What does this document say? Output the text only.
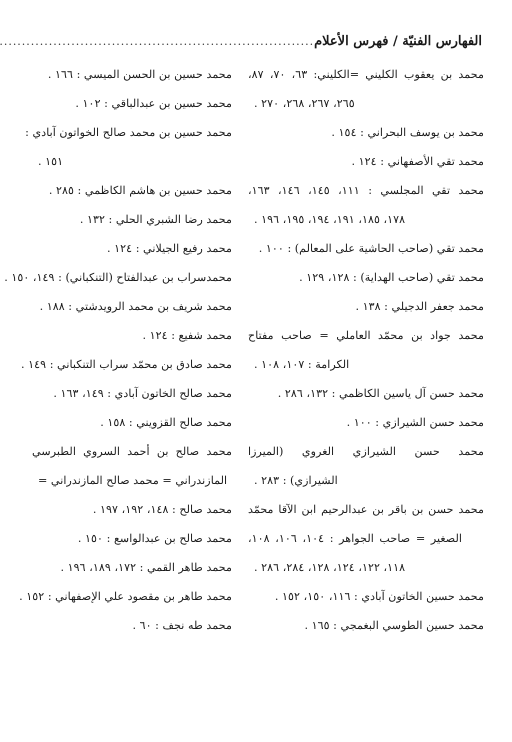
الفهارس الفنيّة / فهرس الأعلام
.....
محمد بن يعقوب الكليني =الكليني: ٦٣، ٧٠، ٨٧،
٢٦٥، ٢٦٧، ٢٦٨، ٢٧٠ .
محمد بن يوسف البحراني : ١٥٤ .
محمد تقي الأصفهاني : ١٢٤ .
محمد تقي المجلسي : ١١١، ١٤٥، ١٤٦، ١٦٣،
١٧٨، ١٨٥، ١٩١، ١٩٤، ١٩٥، ١٩٦ .
محمد تقي (صاحب الحاشية على المعالم) : ١٠٠ .
محمد تقي (صاحب الهداية) : ١٢٨، ١٢٩ .
محمد جعفر الدجيلي : ١٣٨ .
محمد جواد بن محمّد العاملي = صاحب مفتاح
الكرامة : ١٠٧، ١٠٨ .
محمد حسن آل ياسين الكاظمي : ١٣٢، ٢٨٦ .
محمد حسن الشيرازي : ١٠٠ .
محمد حسن الشيرازي الغروي (الميرزا
الشيرازي) : ٢٨٣ .
محمد حسن بن باقر بن عبدالرحيم ابن الآقا محمّد
الصغير = صاحب الجواهر : ١٠٤، ١٠٦، ١٠٨،
١١٨، ١٢٢، ١٢٤، ١٢٨، ٢٨٤، ٢٨٦ .
محمد حسين الخاتون آبادي : ١١٦، ١٥٠، ١٥٢ .
محمد حسين الطوسي البغمجي : ١٦٥ .
محمد حسين بن الحسن الميسي : ١٦٦ .
محمد حسين بن عبدالباقي : ١٠٢ .
محمد حسين بن محمد صالح الخواتون آبادي :
١٥١ .
محمد حسين بن هاشم الكاظمي : ٢٨٥ .
محمد رضا الشبري الحلي : ١٣٢ .
محمد رفيع الجيلاني : ١٢٤ .
محمدسراب بن عبدالفتاح (التنكباني) : ١٤٩، ١٥٠ .
محمد شريف بن محمد الرويدشتي : ١٨٨ .
محمد شفيع : ١٢٤ .
محمد صادق بن محمّد سراب التنكباني : ١٤٩ .
محمد صالح الخاتون آبادي : ١٤٩، ١٦٣ .
محمد صالح القزويني : ١٥٨ .
محمد صالح بن أحمد السروي الطبرسي
المازندراني = محمد صالح المازندراني =
محمد صالح : ١٤٨، ١٩٢، ١٩٧ .
محمد صالح بن عبدالواسع : ١٥٠ .
محمد طاهر القمي : ١٧٢، ١٨٩، ١٩٦ .
محمد طاهر بن مقصود علي الإصفهاني : ١٥٢ .
محمد طه نجف : ٦٠ .
